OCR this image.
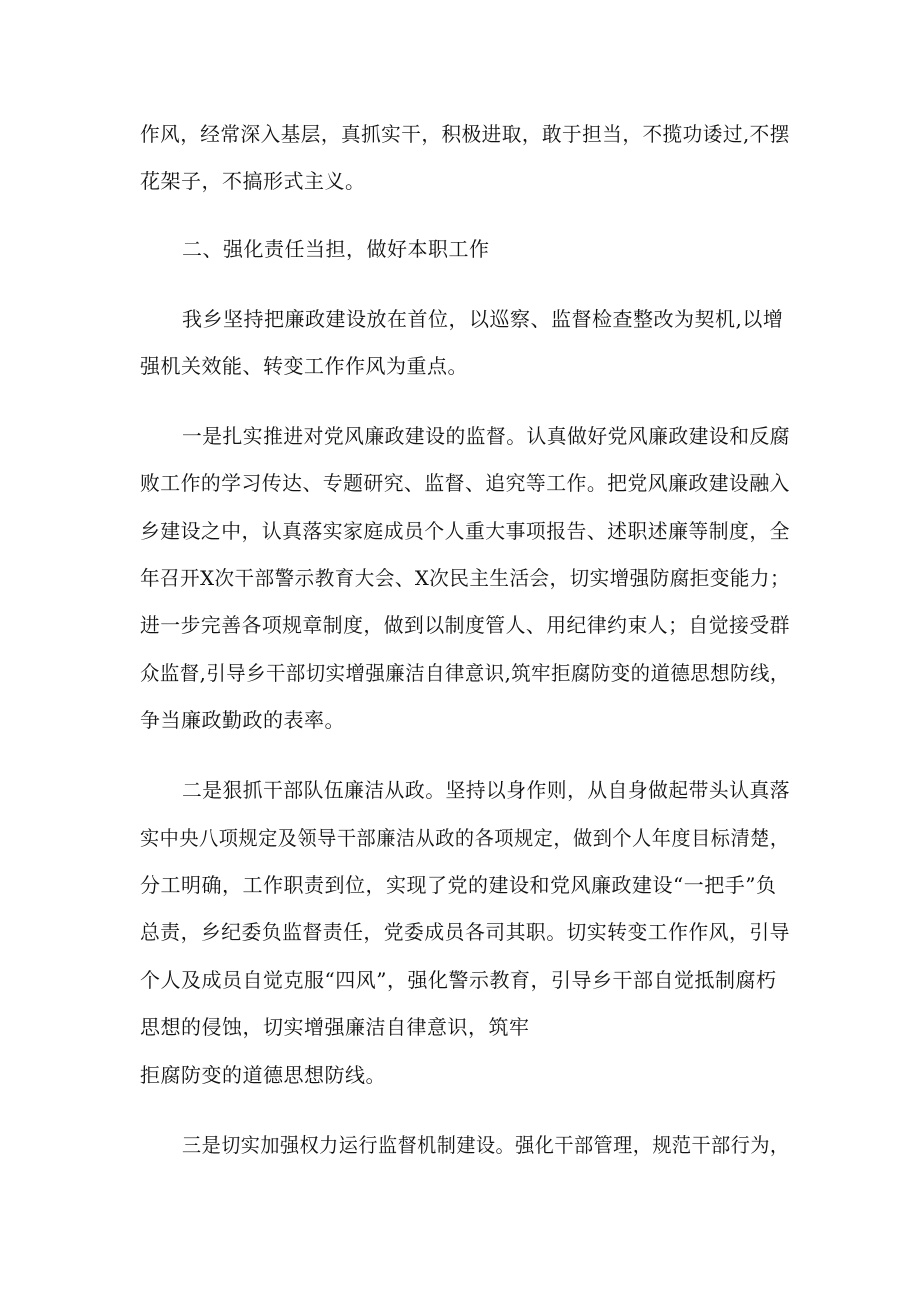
作风，经常深入基层，真抓实干，积极进取，敢于担当，不揽功诿过,不摆
花架子，不搞形式主义。
二、强化责任当担，做好本职工作
我乡坚持把廉政建设放在首位，以巡察、监督检查整改为契机,以增
强机关效能、转变工作作风为重点。
一是扎实推进对党风廉政建设的监督。认真做好党风廉政建设和反腐
败工作的学习传达、专题研究、监督、追究等工作。把党风廉政建设融入
乡建设之中，认真落实家庭成员个人重大事项报告、述职述廉等制度，全
年召开X次干部警示教育大会、X次民主生活会，切实增强防腐拒变能力；
进一步完善各项规章制度，做到以制度管人、用纪律约束人；自觉接受群
众监督,引导乡干部切实增强廉洁自律意识,筑牢拒腐防变的道德思想防线，
争当廉政勤政的表率。
二是狠抓干部队伍廉洁从政。坚持以身作则，从自身做起带头认真落
实中央八项规定及领导干部廉洁从政的各项规定，做到个人年度目标清楚，
分工明确，工作职责到位，实现了党的建设和党风廉政建设“一把手”负
总责，乡纪委负监督责任，党委成员各司其职。切实转变工作作风，引导
个人及成员自觉克服“四风”，强化警示教育，引导乡干部自觉抵制腐朽
思想的侵蚀，切实增强廉洁自律意识，筑牢
拒腐防变的道德思想防线。
三是切实加强权力运行监督机制建设。强化干部管理，规范干部行为，
